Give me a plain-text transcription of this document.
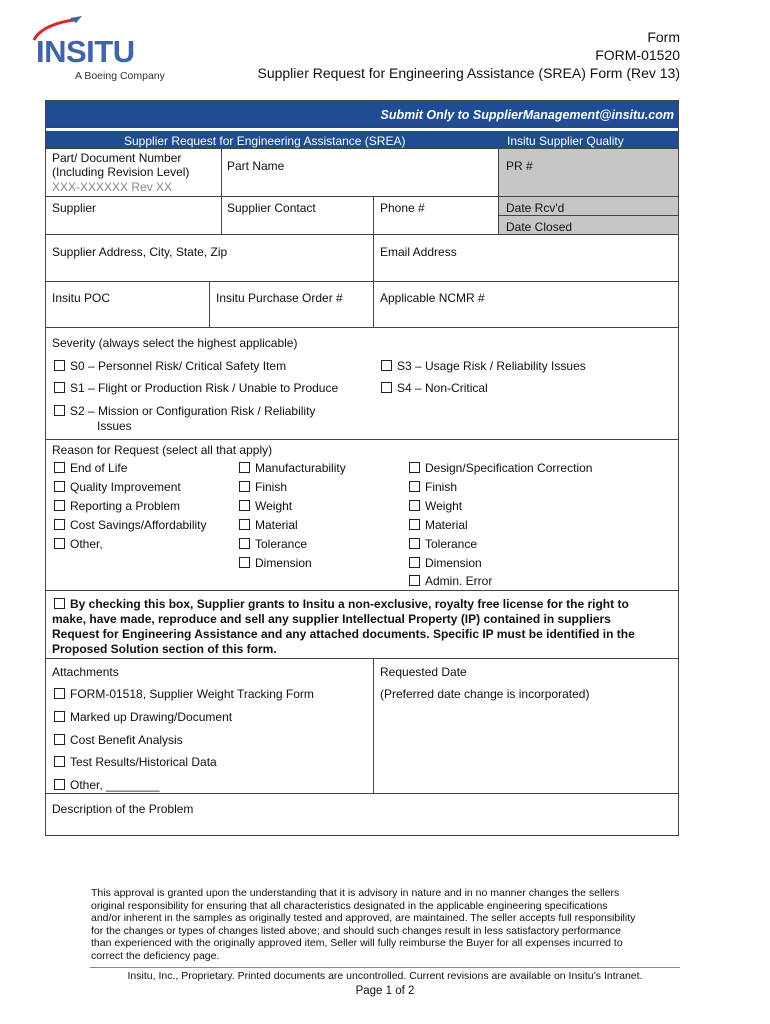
INSITU
A Boeing Company
Form
FORM-01520
Supplier Request for Engineering Assistance (SREA) Form (Rev 13)
Submit Only to SupplierManagement@insitu.com
Supplier Request for Engineering Assistance (SREA)	Insitu Supplier Quality
Part/ Document Number
(Including Revision Level)
XXX-XXXXXX Rev XX
Part Name	PR #
Supplier	Supplier Contact	Phone #	Date Rcv'd
Date Closed
Supplier Address, City, State, Zip	Email Address
Insitu POC	Insitu Purchase Order #	Applicable NCMR #
Severity (always select the highest applicable)
S0 – Personnel Risk/ Critical Safety Item
S1 – Flight or Production Risk / Unable to Produce
S2 – Mission or Configuration Risk / Reliability
Issues
S3 – Usage Risk / Reliability Issues
S4 – Non-Critical
Reason for Request (select all that apply)
End of Life
Quality Improvement
Reporting a Problem
Cost Savings/Affordability
Other,
Manufacturability
Finish
Weight
Material
Tolerance
Dimension
Design/Specification Correction
Finish
Weight
Material
Tolerance
Dimension
Admin. Error
By checking this box, Supplier grants to Insitu a non-exclusive, royalty free license for the right to
make, have made, reproduce and sell any supplier Intellectual Property (IP) contained in suppliers
Request for Engineering Assistance and any attached documents. Specific IP must be identified in the
Proposed Solution section of this form.
Attachments
FORM-01518, Supplier Weight Tracking Form
Marked up Drawing/Document
Cost Benefit Analysis
Test Results/Historical Data
Other, ________
Requested Date
(Preferred date change is incorporated)
Description of the Problem
This approval is granted upon the understanding that it is advisory in nature and in no manner changes the sellers
original responsibility for ensuring that all characteristics designated in the applicable engineering specifications
and/or inherent in the samples as originally tested and approved, are maintained. The seller accepts full responsibility
for the changes or types of changes listed above; and should such changes result in less satisfactory performance
than experienced with the originally approved item, Seller will fully reimburse the Buyer for all expenses incurred to
correct the deficiency page.
Insitu, Inc., Proprietary. Printed documents are uncontrolled. Current revisions are available on Insitu’s Intranet.
Page 1 of 2
